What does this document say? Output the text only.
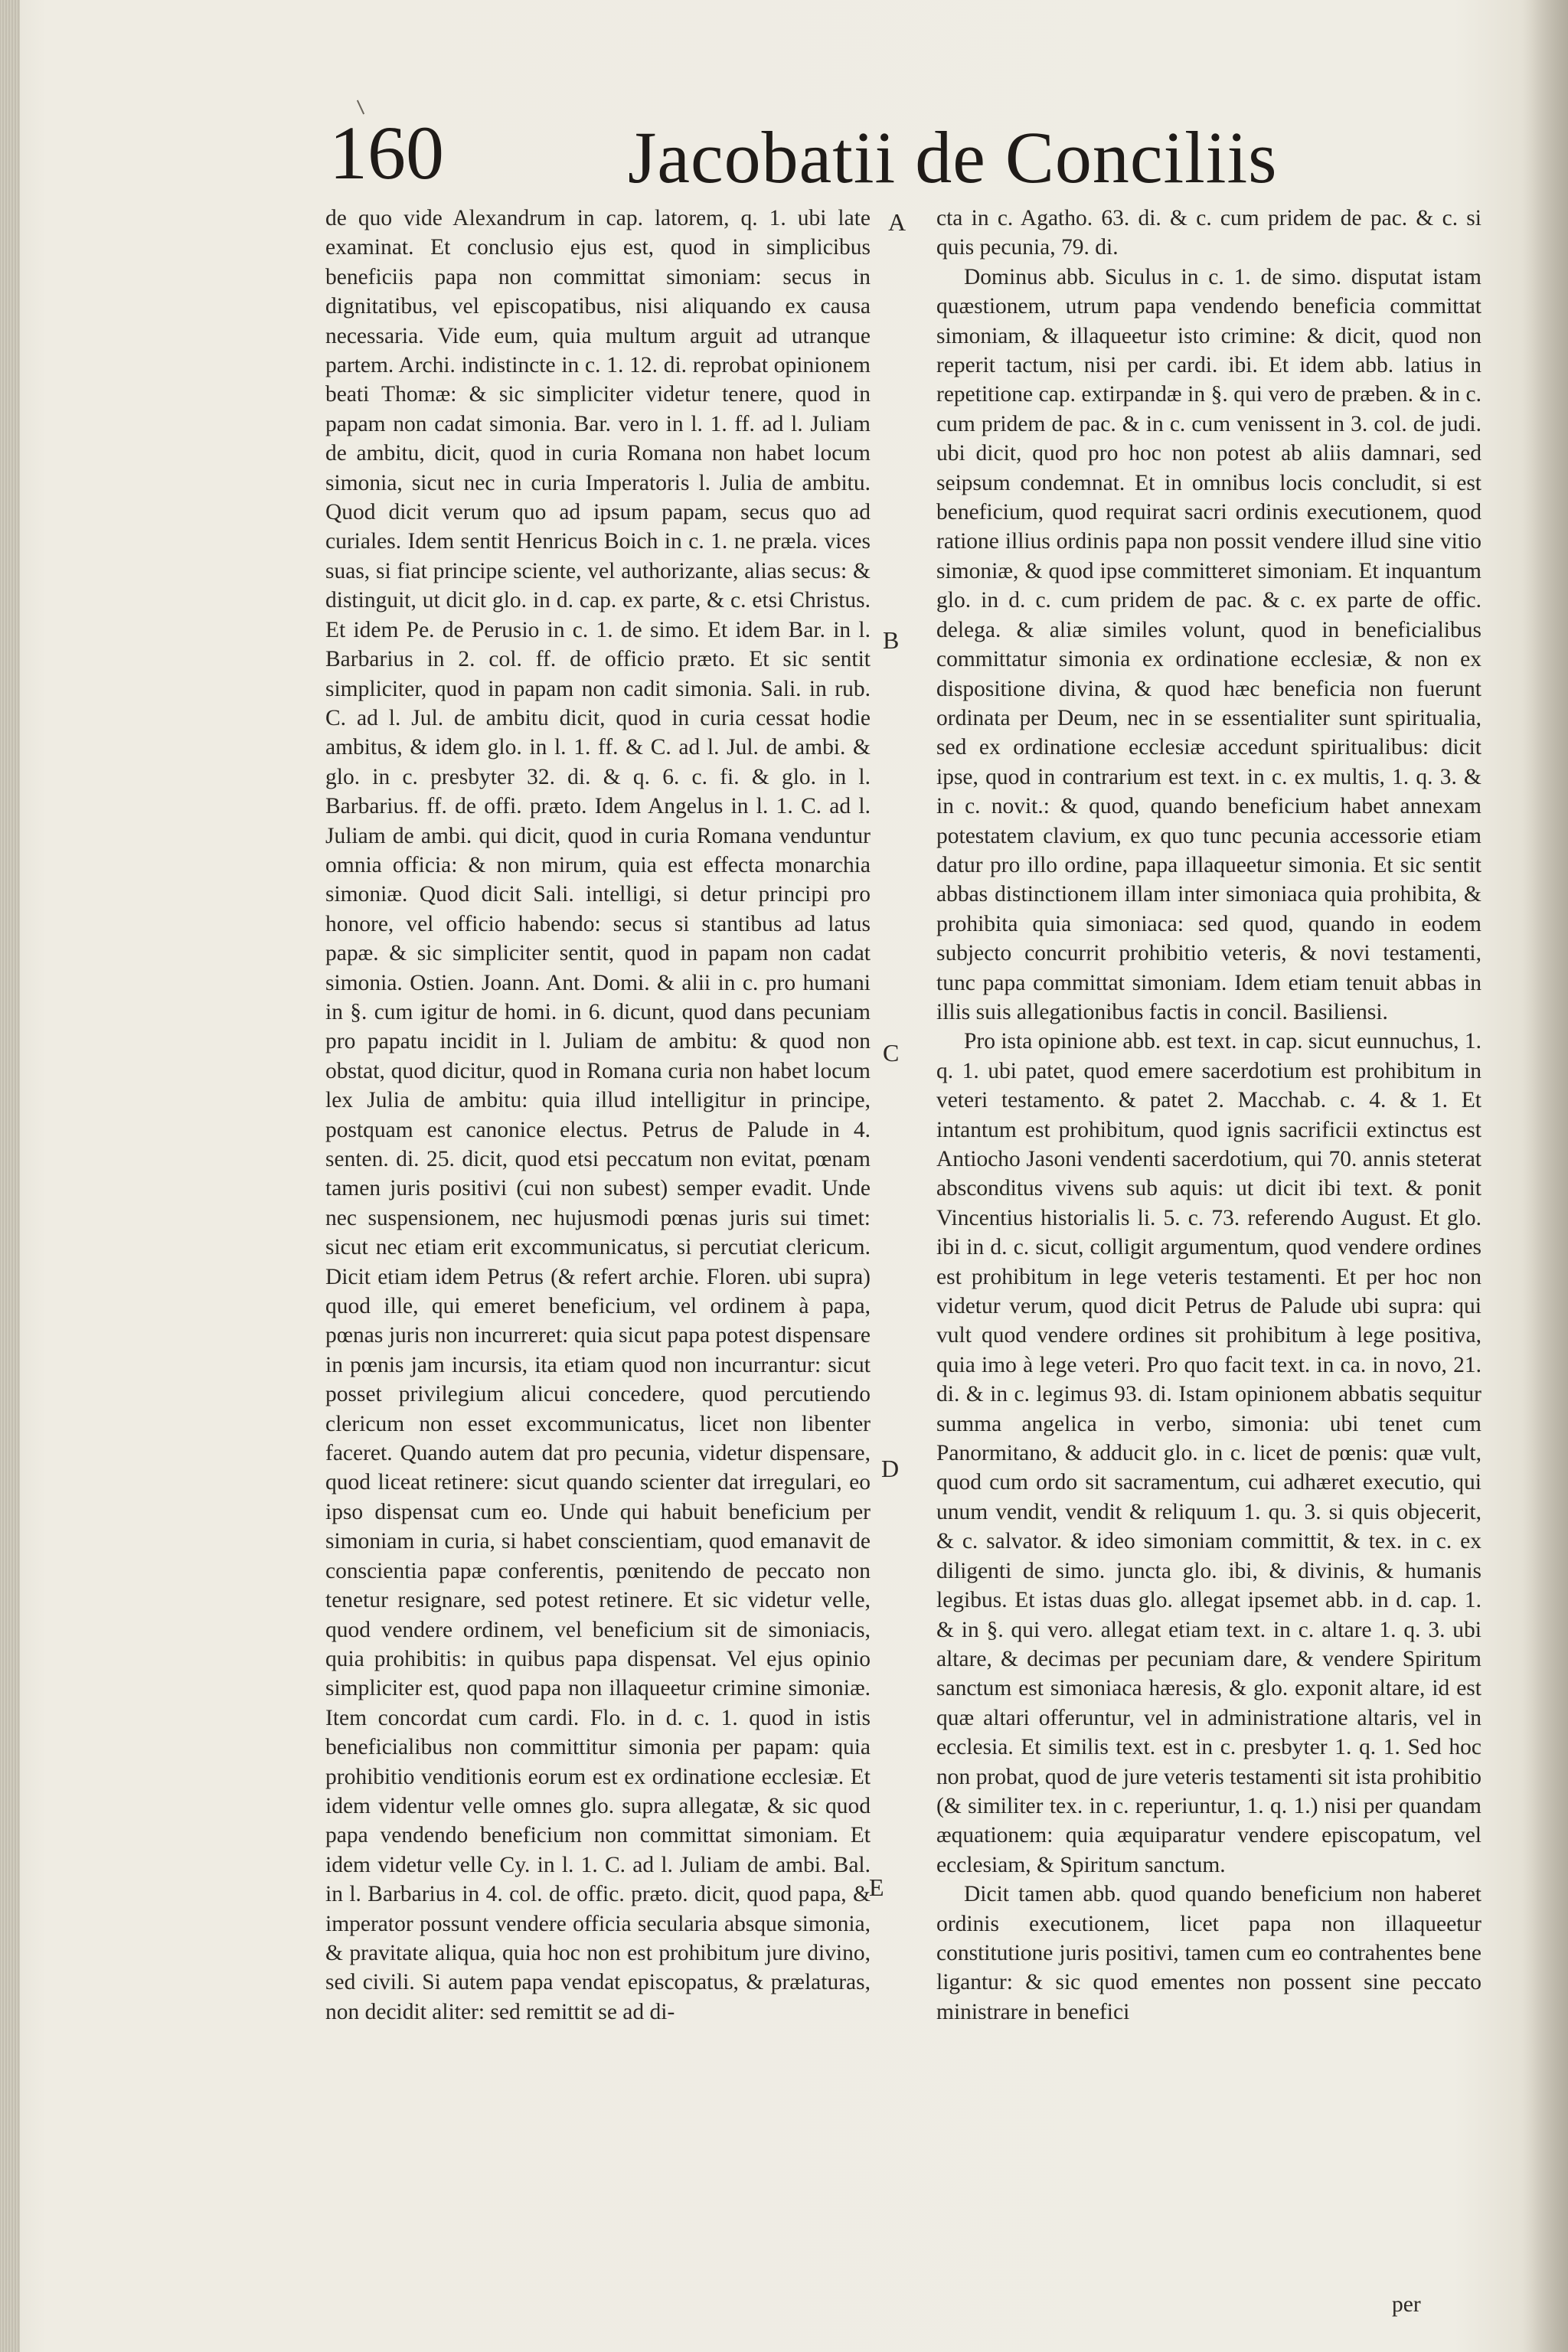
160	Jacobatii de Conciliis

de quo vide Alexandrum in cap. latorem, q. 1. ubi late examinat. Et conclusio ejus est, quod in simplicibus beneficiis papa non committat simoniam: secus in dignitatibus, vel episcopatibus, nisi aliquando ex causa necessaria. Vide eum, quia multum arguit ad utranque partem. Archi. indistincte in c. 1. 12. di. reprobat opinionem beati Thomæ: & sic simpliciter videtur tenere, quod in papam non cadat simonia. Bar. vero in l. 1. ff. ad l. Juliam de ambitu, dicit, quod in curia Romana non habet locum simonia, sicut nec in curia Imperatoris l. Julia de ambitu. Quod dicit verum quo ad ipsum papam, secus quo ad curiales. Idem sentit Henricus Boich in c. 1. ne præla. vices suas, si fiat principe sciente, vel authorizante, alias secus: & distinguit, ut dicit glo. in d. cap. ex parte, & c. etsi Christus. Et idem Pe. de Perusio in c. 1. de simo. Et idem Bar. in l. Barbarius in 2. col. ff. de officio præto. Et sic sentit simpliciter, quod in papam non cadit simonia. Sali. in rub. C. ad l. Jul. de ambitu dicit, quod in curia cessat hodie ambitus, & idem glo. in l. 1. ff. & C. ad l. Jul. de ambi. & glo. in c. presbyter 32. di. & q. 6. c. fi. & glo. in l. Barbarius. ff. de offi. præto. Idem Angelus in l. 1. C. ad l. Juliam de ambi. qui dicit, quod in curia Romana venduntur omnia officia: & non mirum, quia est effecta monarchia simoniæ. Quod dicit Sali. intelligi, si detur principi pro honore, vel officio habendo: secus si stantibus ad latus papæ. & sic simpliciter sentit, quod in papam non cadat simonia. Ostien. Joann. Ant. Domi. & alii in c. pro humani in §. cum igitur de homi. in 6. dicunt, quod dans pecuniam pro papatu incidit in l. Juliam de ambitu: & quod non obstat, quod dicitur, quod in Romana curia non habet locum lex Julia de ambitu: quia illud intelligitur in principe, postquam est canonice electus. Petrus de Palude in 4. senten. di. 25. dicit, quod etsi peccatum non evitat, pœnam tamen juris positivi (cui non subest) semper evadit. Unde nec suspensionem, nec hujusmodi pœnas juris sui timet: sicut nec etiam erit excommunicatus, si percutiat clericum. Dicit etiam idem Petrus (& refert archie. Floren. ubi supra) quod ille, qui emeret beneficium, vel ordinem à papa, pœnas juris non incurreret: quia sicut papa potest dispensare in pœnis jam incursis, ita etiam quod non incurrantur: sicut posset privilegium alicui concedere, quod percutiendo clericum non esset excommunicatus, licet non libenter faceret. Quando autem dat pro pecunia, videtur dispensare, quod liceat retinere: sicut quando scienter dat irregulari, eo ipso dispensat cum eo. Unde qui habuit beneficium per simoniam in curia, si habet conscientiam, quod emanavit de conscientia papæ conferentis, pœnitendo de peccato non tenetur resignare, sed potest retinere. Et sic videtur velle, quod vendere ordinem, vel beneficium sit de simoniacis, quia prohibitis: in quibus papa dispensat. Vel ejus opinio simpliciter est, quod papa non illaqueetur crimine simoniæ. Item concordat cum cardi. Flo. in d. c. 1. quod in istis beneficialibus non committitur simonia per papam: quia prohibitio venditionis eorum est ex ordinatione ecclesiæ. Et idem videntur velle omnes glo. supra allegatæ, & sic quod papa vendendo beneficium non committat simoniam. Et idem videtur velle Cy. in l. 1. C. ad l. Juliam de ambi. Bal. in l. Barbarius in 4. col. de offic. præto. dicit, quod papa, & imperator possunt vendere officia secularia absque simonia, & pravitate aliqua, quia hoc non est prohibitum jure divino, sed civili. Si autem papa vendat episcopatus, & prælaturas, non decidit aliter: sed remittit se ad di-

cta in c. Agatho. 63. di. & c. cum pridem de pac. & c. si quis pecunia, 79. di.

Dominus abb. Siculus in c. 1. de simo. disputat istam quæstionem, utrum papa vendendo beneficia committat simoniam, & illaqueetur isto crimine: & dicit, quod non reperit tactum, nisi per cardi. ibi. Et idem abb. latius in repetitione cap. extirpandæ in §. qui vero de præben. & in c. cum pridem de pac. & in c. cum venissent in 3. col. de judi. ubi dicit, quod pro hoc non potest ab aliis damnari, sed seipsum condemnat. Et in omnibus locis concludit, si est beneficium, quod requirat sacri ordinis executionem, quod ratione illius ordinis papa non possit vendere illud sine vitio simoniæ, & quod ipse committeret simoniam. Et inquantum glo. in d. c. cum pridem de pac. & c. ex parte de offic. delega. & aliæ similes volunt, quod in beneficialibus committatur simonia ex ordinatione ecclesiæ, & non ex dispositione divina, & quod hæc beneficia non fuerunt ordinata per Deum, nec in se essentialiter sunt spiritualia, sed ex ordinatione ecclesiæ accedunt spiritualibus: dicit ipse, quod in contrarium est text. in c. ex multis, 1. q. 3. & in c. novit.: & quod, quando beneficium habet annexam potestatem clavium, ex quo tunc pecunia accessorie etiam datur pro illo ordine, papa illaqueetur simonia. Et sic sentit abbas distinctionem illam inter simoniaca quia prohibita, & prohibita quia simoniaca: sed quod, quando in eodem subjecto concurrit prohibitio veteris, & novi testamenti, tunc papa committat simoniam. Idem etiam tenuit abbas in illis suis allegationibus factis in concil. Basiliensi.

Pro ista opinione abb. est text. in cap. sicut eunnuchus, 1. q. 1. ubi patet, quod emere sacerdotium est prohibitum in veteri testamento. & patet 2. Macchab. c. 4. & 1. Et intantum est prohibitum, quod ignis sacrificii extinctus est Antiocho Jasoni vendenti sacerdotium, qui 70. annis steterat absconditus vivens sub aquis: ut dicit ibi text. & ponit Vincentius historialis li. 5. c. 73. referendo August. Et glo. ibi in d. c. sicut, colligit argumentum, quod vendere ordines est prohibitum in lege veteris testamenti. Et per hoc non videtur verum, quod dicit Petrus de Palude ubi supra: qui vult quod vendere ordines sit prohibitum à lege positiva, quia imo à lege veteri. Pro quo facit text. in ca. in novo, 21. di. & in c. legimus 93. di. Istam opinionem abbatis sequitur summa angelica in verbo, simonia: ubi tenet cum Panormitano, & adducit glo. in c. licet de pœnis: quæ vult, quod cum ordo sit sacramentum, cui adhæret executio, qui unum vendit, vendit & reliquum 1. qu. 3. si quis objecerit, & c. salvator. & ideo simoniam committit, & tex. in c. ex diligenti de simo. juncta glo. ibi, & divinis, & humanis legibus. Et istas duas glo. allegat ipsemet abb. in d. cap. 1. & in §. qui vero. allegat etiam text. in c. altare 1. q. 3. ubi altare, & decimas per pecuniam dare, & vendere Spiritum sanctum est simoniaca hæresis, & glo. exponit altare, id est quæ altari offeruntur, vel in administratione altaris, vel in ecclesia. Et similis text. est in c. presbyter 1. q. 1. Sed hoc non probat, quod de jure veteris testamenti sit ista prohibitio (& similiter tex. in c. reperiuntur, 1. q. 1.) nisi per quandam æquationem: quia æquiparatur vendere episcopatum, vel ecclesiam, & Spiritum sanctum.

Dicit tamen abb. quod quando beneficium non haberet ordinis executionem, licet papa non illaqueetur constitutione juris positivi, tamen cum eo contrahentes bene ligantur: & sic quod ementes non possent sine peccato ministrare in benefici

A
B
C
D
E
per
